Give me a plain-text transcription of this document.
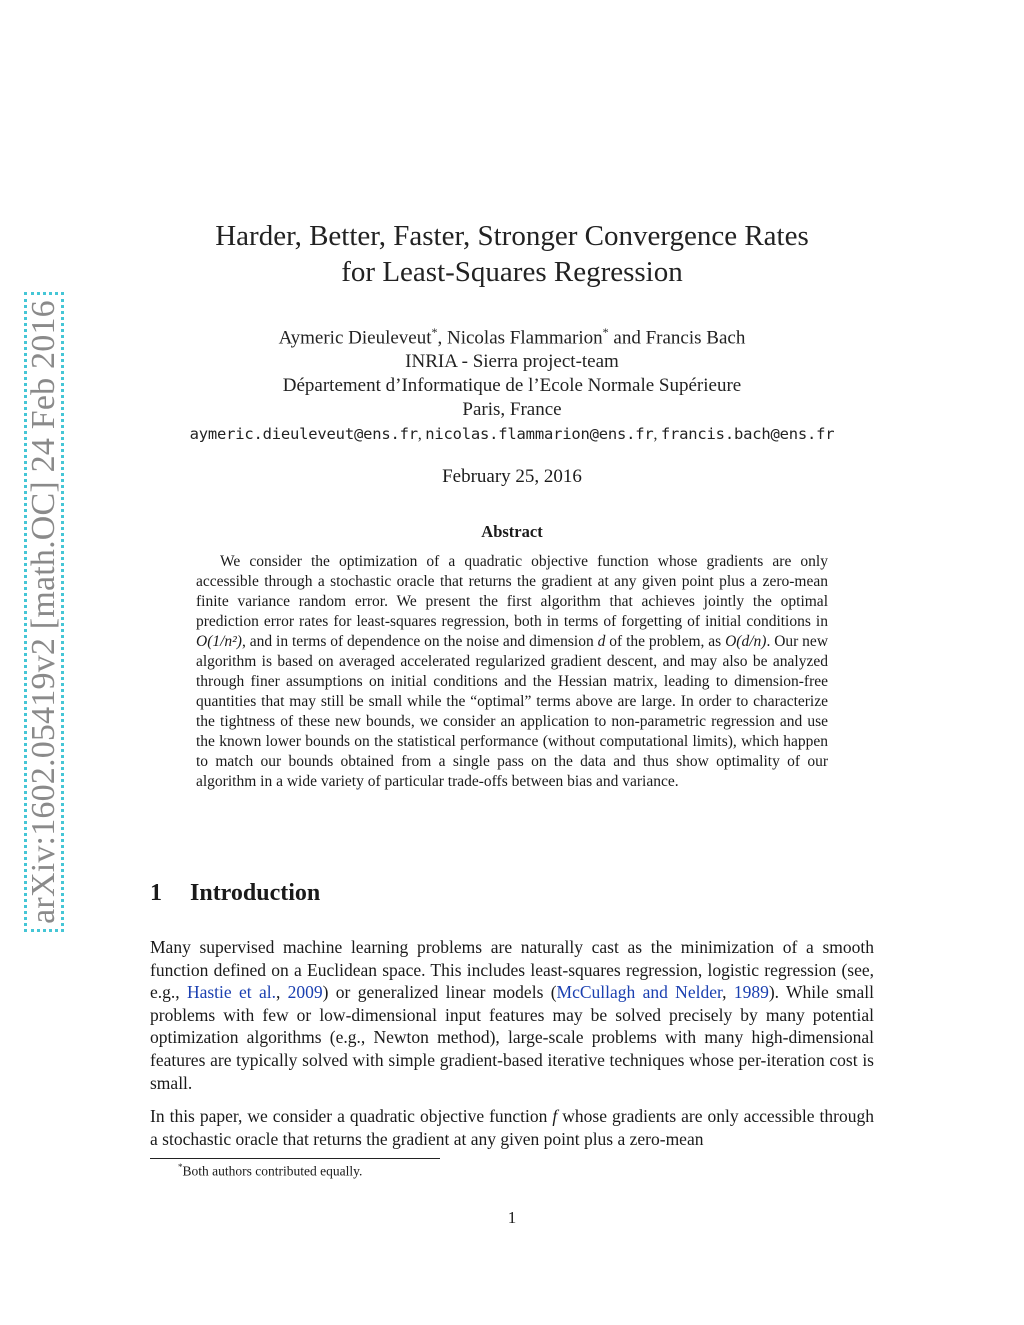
arXiv:1602.05419v2 [math.OC] 24 Feb 2016
Harder, Better, Faster, Stronger Convergence Rates
for Least-Squares Regression
Aymeric Dieuleveut*, Nicolas Flammarion* and Francis Bach
INRIA - Sierra project-team
Département d’Informatique de l’Ecole Normale Supérieure
Paris, France
aymeric.dieuleveut@ens.fr, nicolas.flammarion@ens.fr, francis.bach@ens.fr
February 25, 2016
Abstract
We consider the optimization of a quadratic objective function whose gradients are only accessible through a stochastic oracle that returns the gradient at any given point plus a zero-mean finite variance random error. We present the first algorithm that achieves jointly the optimal prediction error rates for least-squares regression, both in terms of forgetting of initial conditions in O(1/n²), and in terms of dependence on the noise and dimension d of the problem, as O(d/n). Our new algorithm is based on averaged accelerated regularized gradient descent, and may also be analyzed through finer assumptions on initial conditions and the Hessian matrix, leading to dimension-free quantities that may still be small while the “optimal” terms above are large. In order to characterize the tightness of these new bounds, we consider an application to non-parametric regression and use the known lower bounds on the statistical performance (without computational limits), which happen to match our bounds obtained from a single pass on the data and thus show optimality of our algorithm in a wide variety of particular trade-offs between bias and variance.
1 Introduction
Many supervised machine learning problems are naturally cast as the minimization of a smooth function defined on a Euclidean space. This includes least-squares regression, logistic regression (see, e.g., Hastie et al., 2009) or generalized linear models (McCullagh and Nelder, 1989). While small problems with few or low-dimensional input features may be solved precisely by many potential optimization algorithms (e.g., Newton method), large-scale problems with many high-dimensional features are typically solved with simple gradient-based iterative techniques whose per-iteration cost is small.
In this paper, we consider a quadratic objective function f whose gradients are only accessible through a stochastic oracle that returns the gradient at any given point plus a zero-mean
*Both authors contributed equally.
1
